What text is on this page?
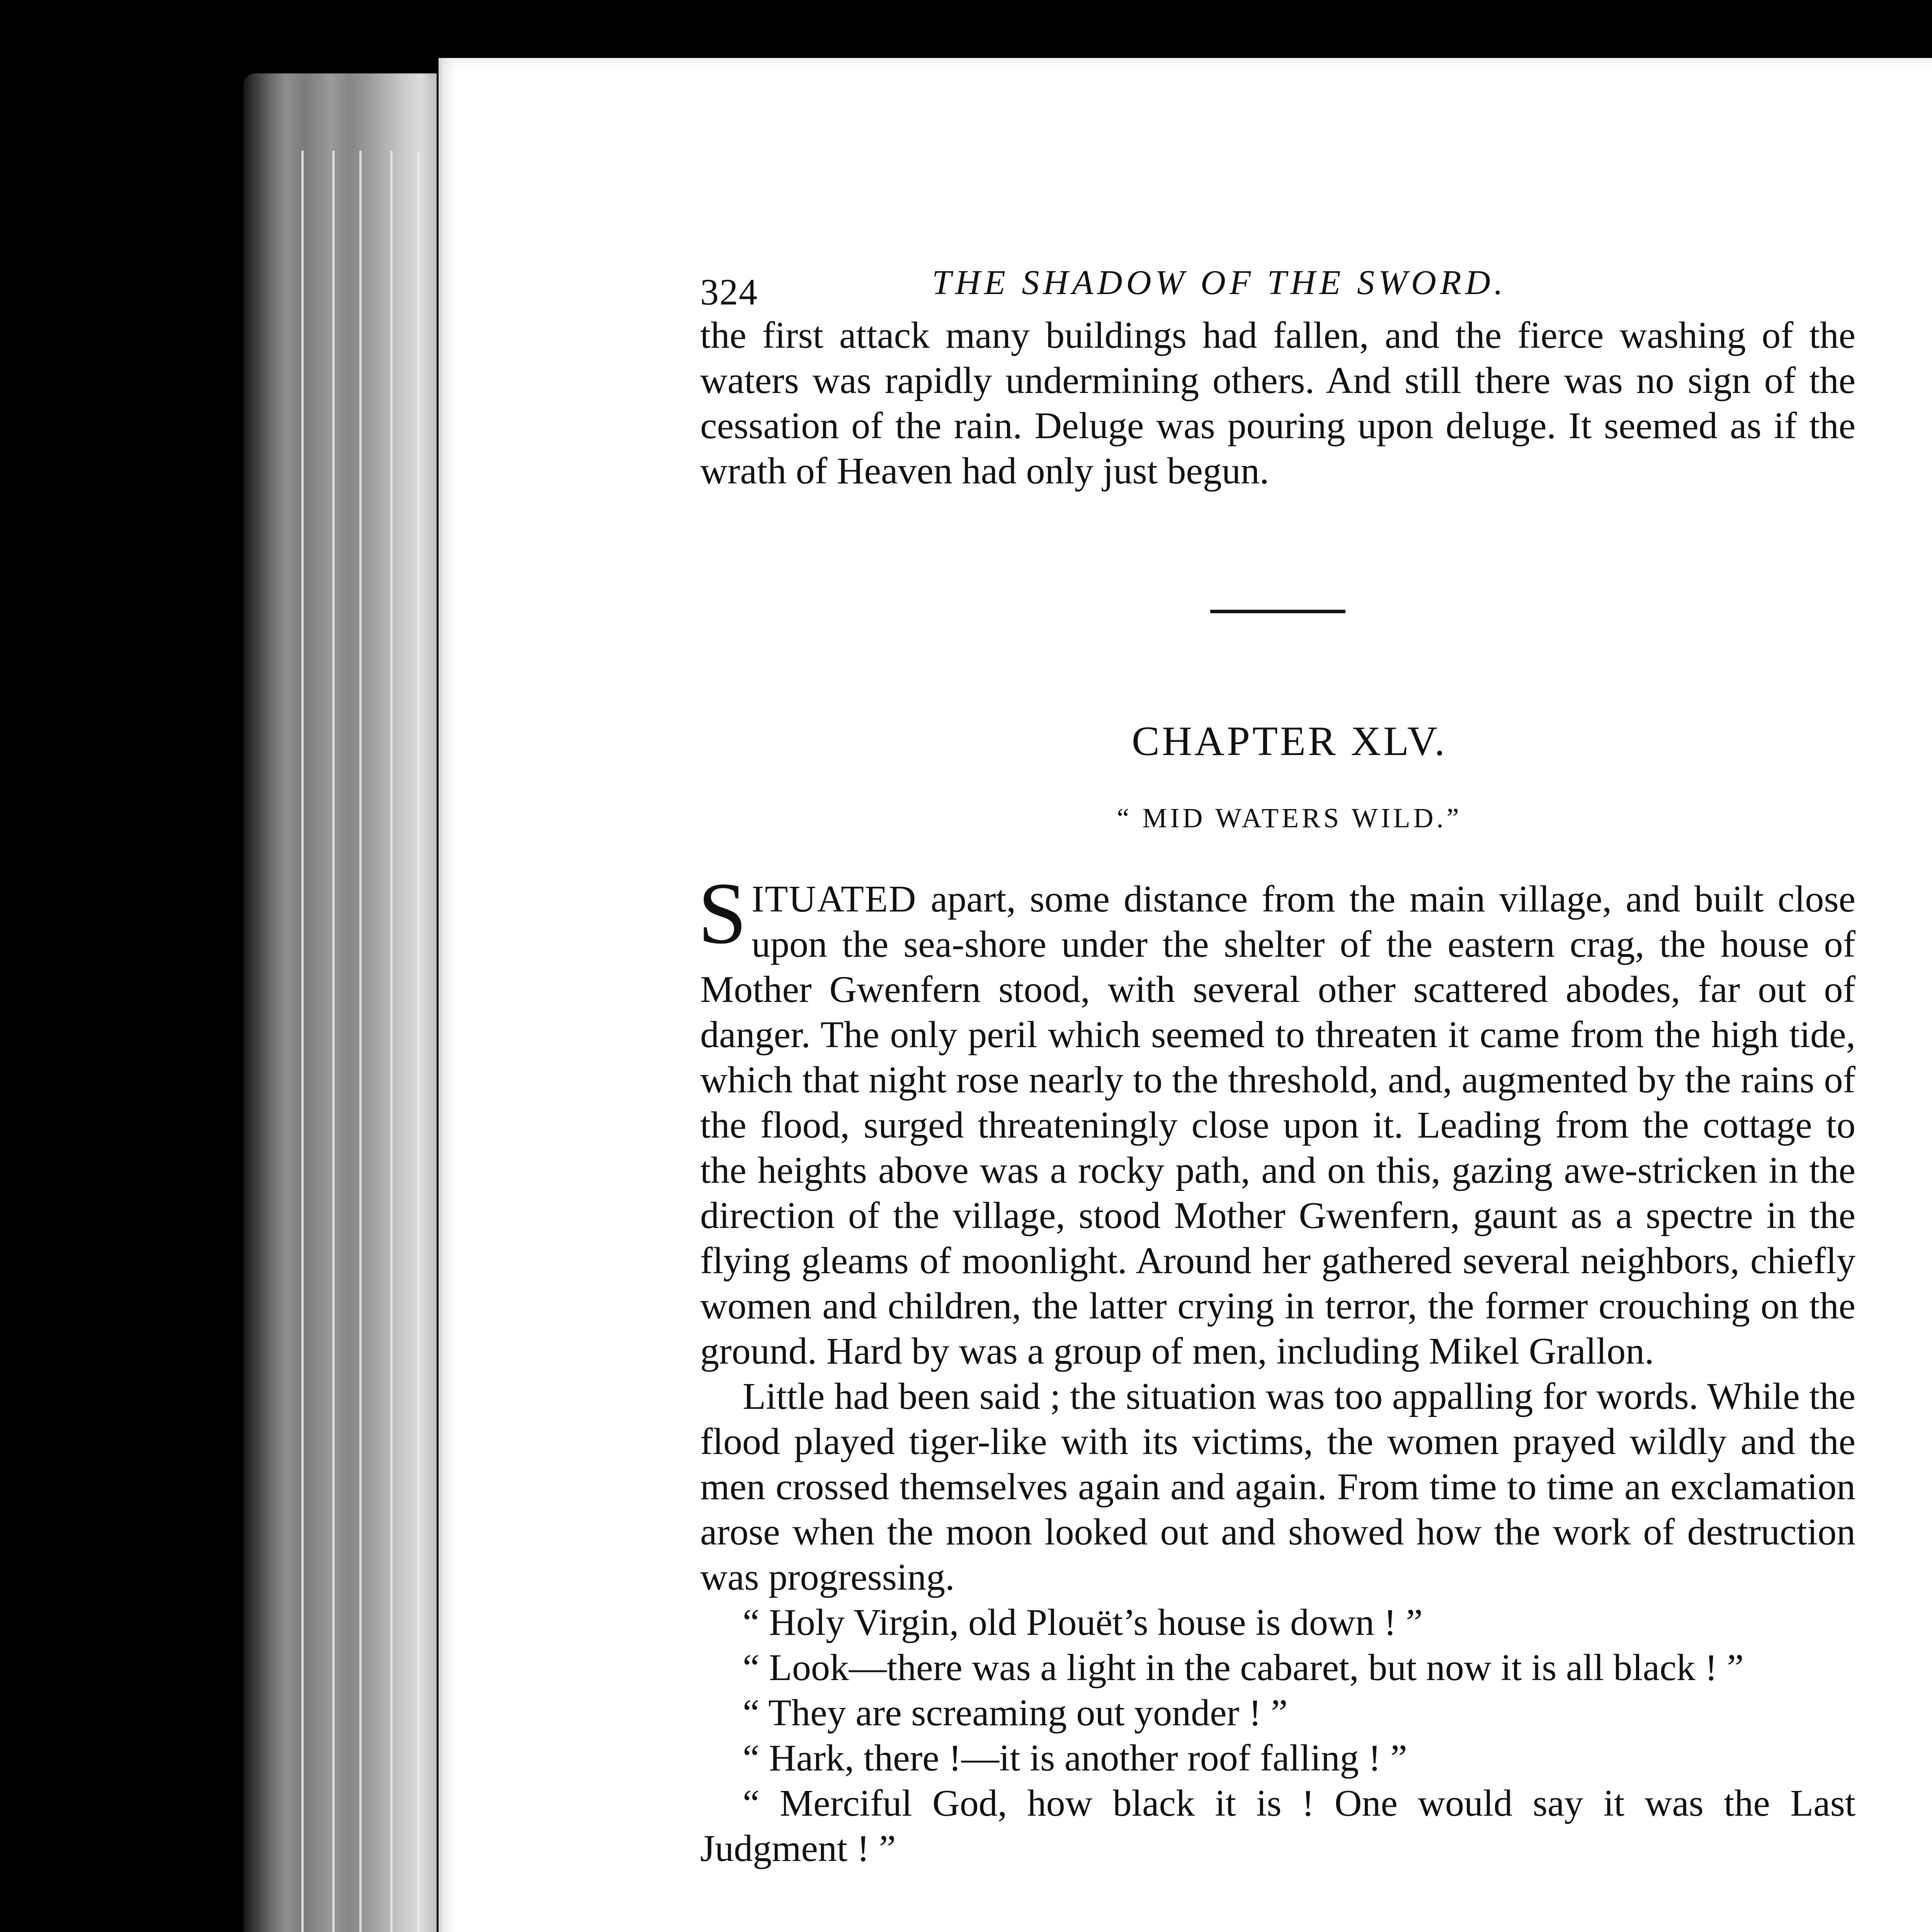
324	THE SHADOW OF THE SWORD.

the first attack many buildings had fallen, and the fierce washing of the waters was rapidly undermining others. And still there was no sign of the cessation of the rain. Deluge was pouring upon deluge. It seemed as if the wrath of Heaven had only just begun.

CHAPTER XLV.
“ MID WATERS WILD.”

SITUATED apart, some distance from the main village, and built close upon the sea-shore under the shelter of the eastern crag, the house of Mother Gwenfern stood, with several other scattered abodes, far out of danger. The only peril which seemed to threaten it came from the high tide, which that night rose nearly to the threshold, and, augmented by the rains of the flood, surged threateningly close upon it. Leading from the cottage to the heights above was a rocky path, and on this, gazing awe-stricken in the direction of the village, stood Mother Gwenfern, gaunt as a spectre in the flying gleams of moonlight. Around her gathered several neighbors, chiefly women and children, the latter crying in terror, the former crouching on the ground. Hard by was a group of men, including Mikel Grallon.

Little had been said ; the situation was too appalling for words. While the flood played tiger-like with its victims, the women prayed wildly and the men crossed themselves again and again. From time to time an exclamation arose when the moon looked out and showed how the work of destruction was progressing.

“ Holy Virgin, old Plouët’s house is down ! ”

“ Look—there was a light in the cabaret, but now it is all black ! ”

“ They are screaming out yonder ! ”

“ Hark, there !—it is another roof falling ! ”

“ Merciful God, how black it is ! One would say it was the Last Judgment ! ”
